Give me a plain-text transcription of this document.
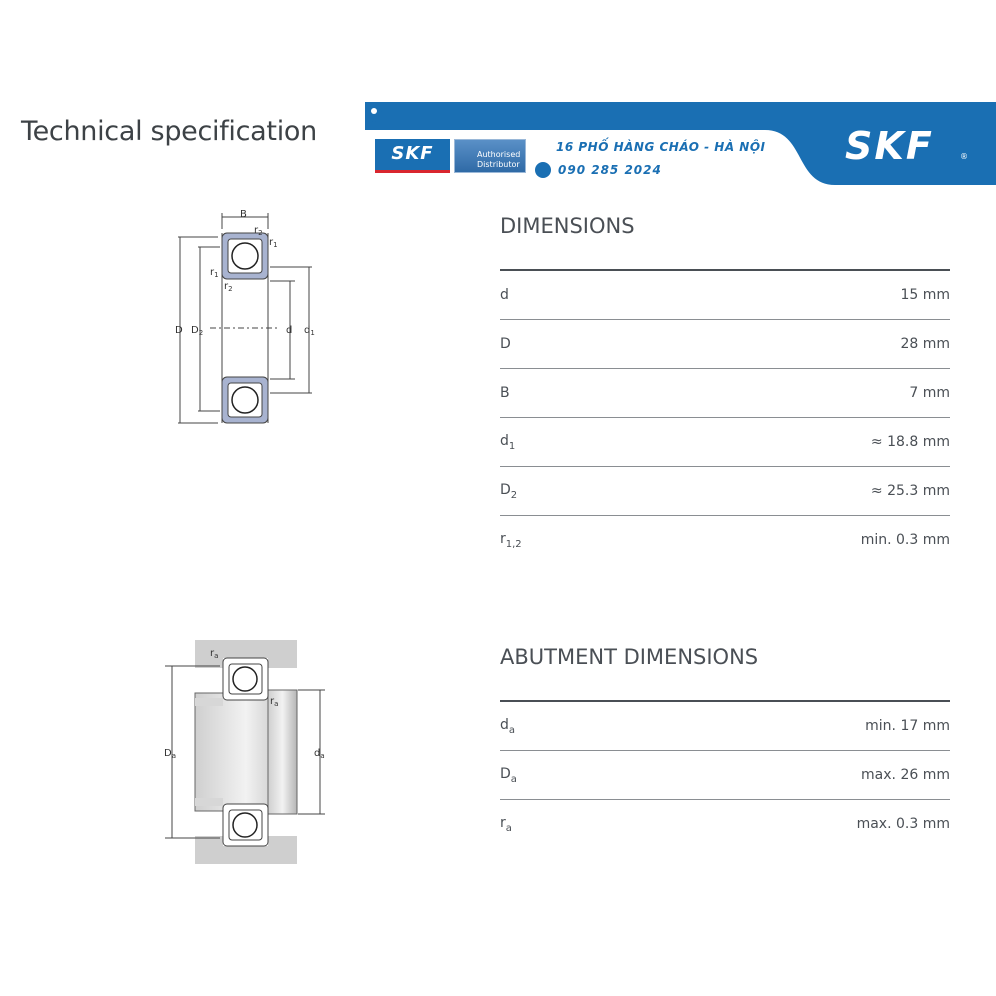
Technical specification
SKF	Authorised
Distributor
16 PHỐ HÀNG CHÁO - HÀ NỘI
090 285 2024
SKF	®
B
$r_2$
$r_1$
$r_1$
$r_2$
D $D_2$	d $d_1$
$r_a$
$r_a$
$D_a$	$d_a$
DIMENSIONS
d	15 mm
D	28 mm
B	7 mm
$d_1$	≈ 18.8 mm
$D_2$	≈ 25.3 mm
$r_{1,2}$	min. 0.3 mm
ABUTMENT DIMENSIONS
$d_a$	min. 17 mm
$D_a$	max. 26 mm
$r_a$	max. 0.3 mm
